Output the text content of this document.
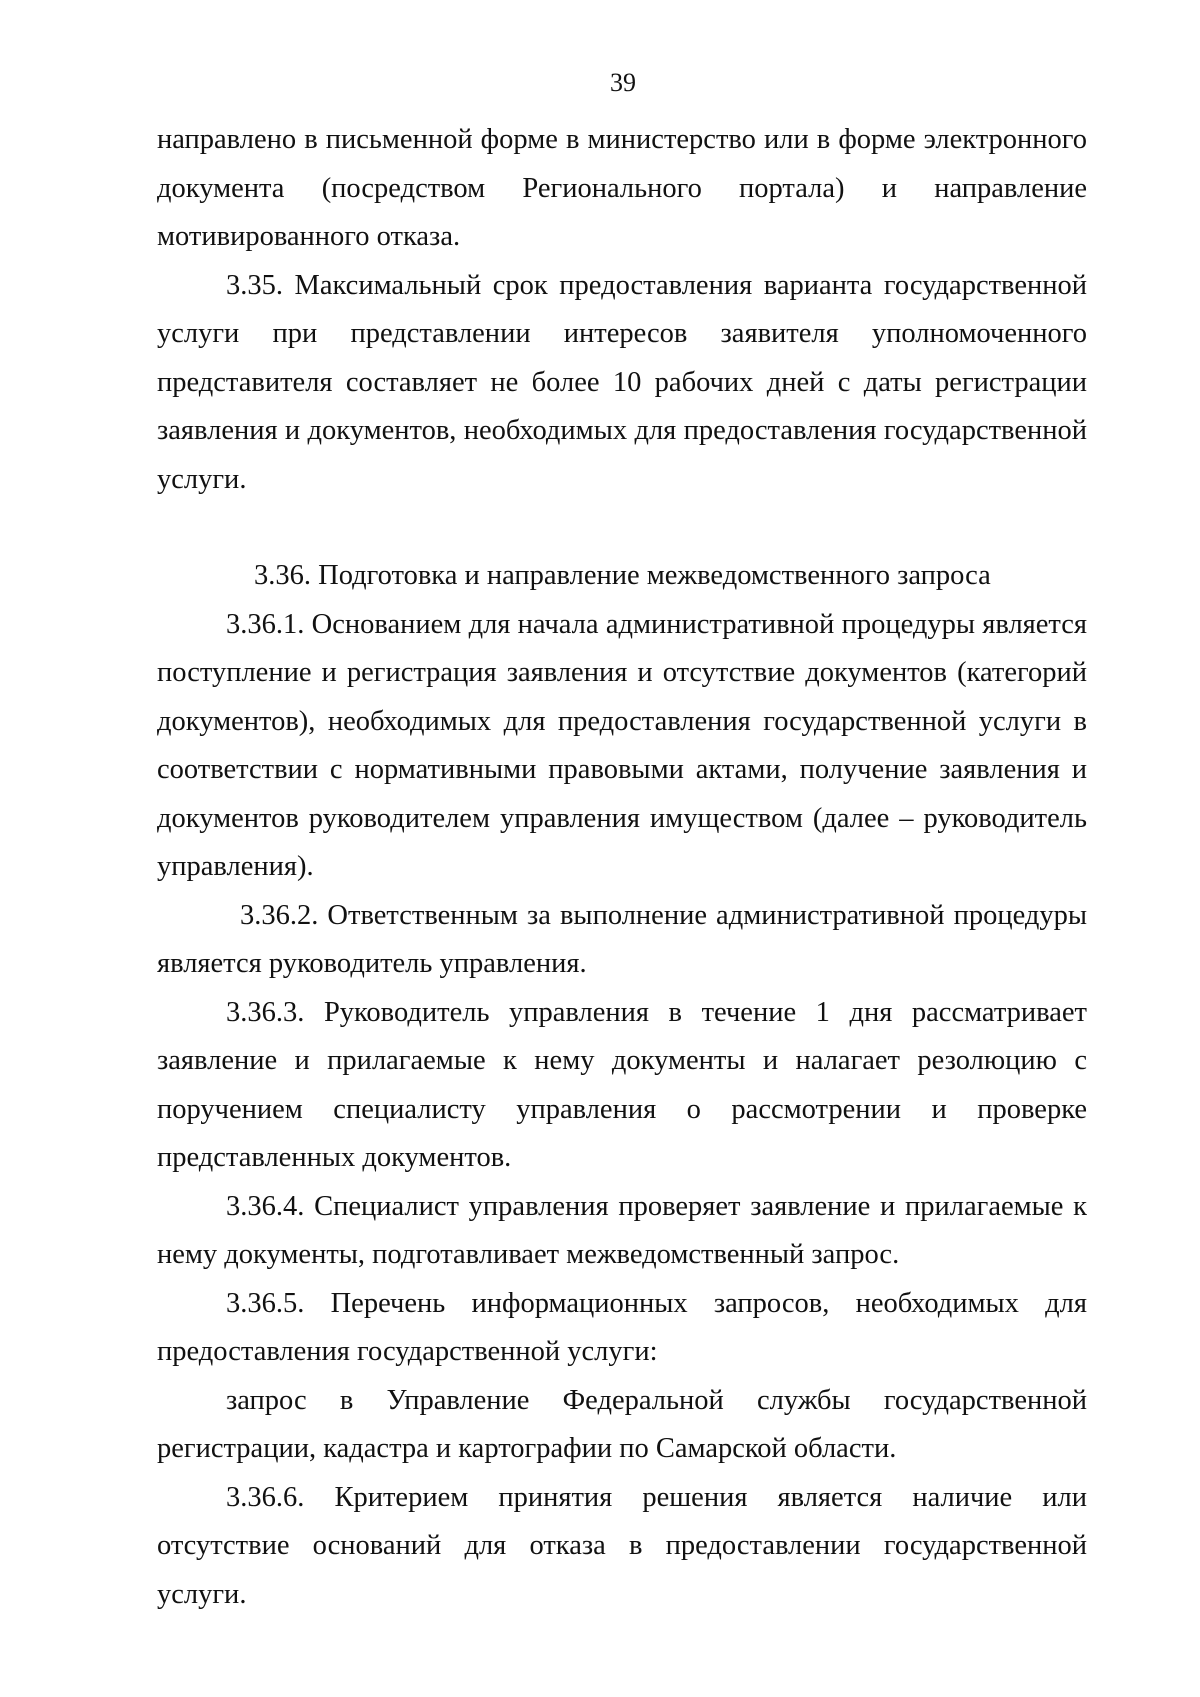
39

направлено в письменной форме в министерство или в форме электронного документа (посредством Регионального портала) и направление мотивированного отказа.

3.35. Максимальный срок предоставления варианта государственной услуги при представлении интересов заявителя уполномоченного представителя составляет не более 10 рабочих дней с даты регистрации заявления и документов, необходимых для предоставления государственной услуги.

3.36. Подготовка и направление межведомственного запроса

3.36.1. Основанием для начала административной процедуры является поступление и регистрация заявления и отсутствие документов (категорий документов), необходимых для предоставления государственной услуги в соответствии с нормативными правовыми актами, получение заявления и документов руководителем управления имуществом (далее – руководитель управления).

3.36.2. Ответственным за выполнение административной процедуры является руководитель управления.

3.36.3. Руководитель управления в течение 1 дня рассматривает заявление и прилагаемые к нему документы и налагает резолюцию с поручением специалисту управления о рассмотрении и проверке представленных документов.

3.36.4. Специалист управления проверяет заявление и прилагаемые к нему документы, подготавливает межведомственный запрос.

3.36.5. Перечень информационных запросов, необходимых для предоставления государственной услуги:

запрос в Управление Федеральной службы государственной регистрации, кадастра и картографии по Самарской области.

3.36.6. Критерием принятия решения является наличие или отсутствие оснований для отказа в предоставлении государственной услуги.
